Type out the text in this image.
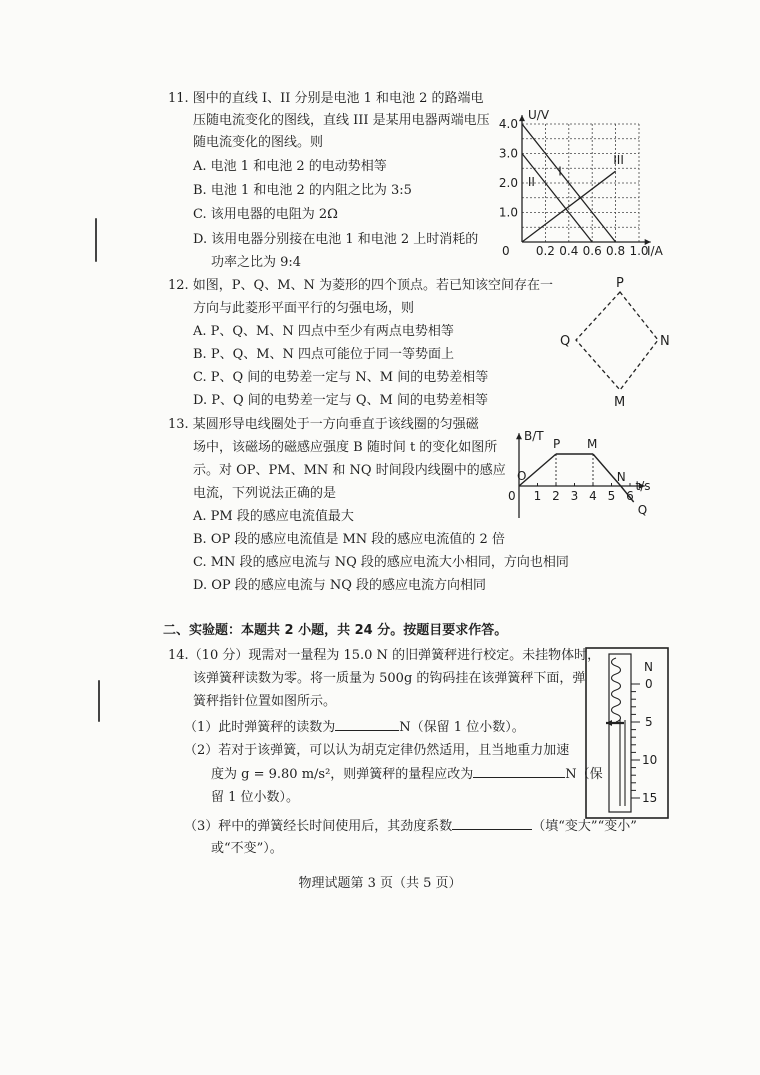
11. 图中的直线 I、II 分别是电池 1 和电池 2 的路端电
压随电流变化的图线，直线 III 是某用电器两端电压
随电流变化的图线。则
A. 电池 1 和电池 2 的电动势相等
B. 电池 1 和电池 2 的内阻之比为 3:5
C. 该用电器的电阻为 2Ω
D. 该用电器分别接在电池 1 和电池 2 上时消耗的
功率之比为 9:4
U/V
I/A
0 0.2 0.4 0.6 0.8 1.0
1.0
2.0
3.0
4.0
I
II
III
12. 如图，P、Q、M、N 为菱形的四个顶点。若已知该空间存在一
方向与此菱形平面平行的匀强电场，则
A. P、Q、M、N 四点中至少有两点电势相等
B. P、Q、M、N 四点可能位于同一等势面上
C. P、Q 间的电势差一定与 N、M 间的电势差相等
D. P、Q 间的电势差一定与 Q、M 间的电势差相等
P
Q	N
M
13. 某圆形导电线圈处于一方向垂直于该线圈的匀强磁
场中，该磁场的磁感应强度 B 随时间 t 的变化如图所
示。对 OP、PM、MN 和 NQ 时间段内线圈中的感应
电流，下列说法正确的是
A. PM 段的感应电流值最大
B. OP 段的感应电流值是 MN 段的感应电流值的 2 倍
C. MN 段的感应电流与 NQ 段的感应电流大小相同，方向也相同
D. OP 段的感应电流与 NQ 段的感应电流方向相同
B/T
t/s
0 1 2 3 4 5 6
O
P M
N
Q
二、实验题：本题共 2 小题，共 24 分。按题目要求作答。
14.（10 分）现需对一量程为 15.0 N 的旧弹簧秤进行校定。未挂物体时，
该弹簧秤读数为零。将一质量为 500g 的钩码挂在该弹簧秤下面，弹
簧秤指针位置如图所示。
（1）此时弹簧秤的读数为	N（保留 1 位小数）。
（2）若对于该弹簧，可以认为胡克定律仍然适用，且当地重力加速
度为 g = 9.80 m/s²，则弹簧秤的量程应改为	N（保
留 1 位小数）。
（3）秤中的弹簧经长时间使用后，其劲度系数	（填“变大”“变小”
或“不变”）。
N
0
5
10
15
物理试题第 3 页（共 5 页）
